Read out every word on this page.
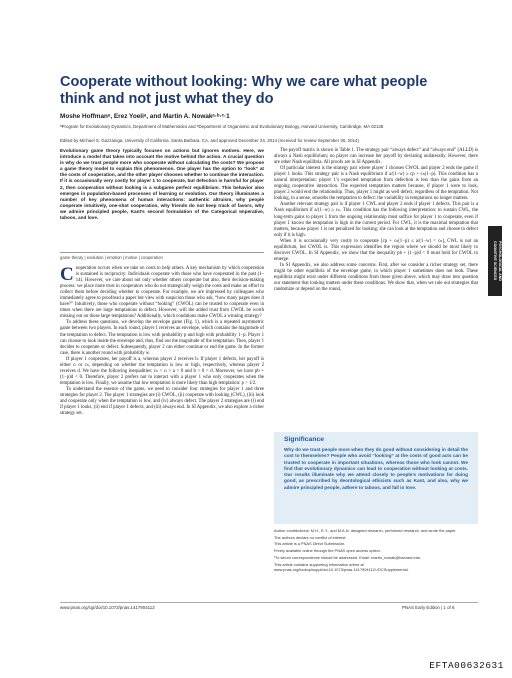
Cooperate without looking: Why we care what people think and not just what they do

Moshe Hoffmanᵃ, Erez Yoeliᵃ, and Martin A. Nowakᵃ·ᵇ·ᶜ·1

ᵃProgram for Evolutionary Dynamics, Department of Mathematics and ᵇDepartment of Organismic and Evolutionary Biology, Harvard University, Cambridge, MA 02138

Edited by Michael S. Gazzaniga, University of California, Santa Barbara, CA, and approved December 24, 2014 (received for review September 30, 2014)

Evolutionary game theory typically focuses on actions but ignores motives. Here, we introduce a model that takes into account the motive behind the action. A crucial question is why do we trust people more who cooperate without calculating the costs? We propose a game theory model to explain this phenomenon. One player has the option to “look” at the costs of cooperation, and the other player chooses whether to continue the interaction. If it is occasionally very costly for player 1 to cooperate, but defection is harmful for player 2, then cooperation without looking is a subgame perfect equilibrium. This behavior also emerges in population-based processes of learning or evolution. Our theory illuminates a number of key phenomena of human interactions: authentic altruism, why people cooperate intuitively, one-shot cooperation, why friends do not keep track of favors, why we admire principled people, Kant’s second formulation of the Categorical Imperative, taboos, and love.

game theory | evolution | emotion | motive | cooperation

Cooperation occurs when we take on costs to help others. A key mechanism by which cooperation is sustained is reciprocity: Individuals cooperate with those who have cooperated in the past (1–14). However, we care about not only whether others cooperate but also, their decision-making process: we place more trust in cooperators who do not strategically weigh the costs and make an effort to collect them before deciding whether to cooperate. For example, we are impressed by colleagues who immediately agree to proofread a paper but view with suspicion those who ask, “how many pages does it have?” Intuitively, those who cooperate without “looking” (CWOL) can be trusted to cooperate even in times when there are large temptations to defect. However, will the added trust from CWOL be worth missing out on those large temptations? Additionally, which conditions make CWOL a winning strategy?

To address these questions, we develop the envelope game (Fig. 1), which is a repeated asymmetric game between two players. In each round, player 1 receives an envelope, which contains the magnitude of the temptation to defect. The temptation is low with probability p and high with probability 1−p. Player 1 can choose to look inside the envelope and, thus, find out the magnitude of the temptation. Then, player 1 decides to cooperate or defect. Subsequently, player 2 can either continue or end the game. In the former case, there is another round with probability w.

If player 1 cooperates, her payoff is a, whereas player 2 receives b. If player 1 defects, her payoff is either cₗ or cₕ, depending on whether the temptation is low or high, respectively, whereas player 2 receives d. We have the following inequalities: cₕ > cₗ > a > 0 and b > 0 > d. Moreover, we have pb + (1−p)d < 0. Therefore, player 2 prefers not to interact with a player 1 who only cooperates when the temptation is low. Finally, we assume that low temptation is more likely than high temptation: p > 1/2.

To understand the essence of the game, we need to consider four strategies for player 1 and three strategies for player 2. The player 1 strategies are (i) CWOL, (ii) cooperate with looking (CWL), (iii) look and cooperate only when the temptation is low, and (iv) always defect. The player 2 strategies are (i) end if player 1 looks, (ii) end if player 1 defects, and (iii) always end. In SI Appendix, we also explore a richer strategy set.

The payoff matrix is shown in Table 1. The strategy pair “always defect” and “always end” (ALLD) is always a Nash equilibrium; no player can increase her payoff by deviating unilaterally. However, there are other Nash equilibria. All proofs are in SI Appendix.

Of particular interest is the strategy pair where player 1 chooses CWOL and player 2 ends the game if player 1 looks. This strategy pair is a Nash equilibrium if a/(1−w) ≥ cp + cₕ(1−p). This condition has a natural interpretation: player 1’s expected temptation from defection is less than the gains from an ongoing cooperative interaction. The expected temptation matters because, if player 1 were to look, player 2 would end the relationship. Thus, player 1 might as well defect, regardless of the temptation. Not looking, in a sense, smooths the temptation to defect: the variability in temptations no longer matters.

Another relevant strategy pair is if player 1 CWL and player 2 ends if player 1 defects. This pair is a Nash equilibrium if a/(1−w) ≥ cₕ. This condition has the following interpretation: to sustain CWL, the long-term gains to player 1 from the ongoing relationship must suffice for player 1 to cooperate, even if player 1 knows the temptation is high in the current period. For CWL, it is the maximal temptation that matters, because player 1 is not penalized for looking; she can look at the temptation and choose to defect only if it is high.

When it is occasionally very costly to cooperate [cp + cₕ(1−p) ≤ a/(1−w) < cₕ], CWL is not an equilibrium, but CWOL is. This expression identifies the region where we should be most likely to discover CWOL. In SI Appendix, we show that the inequality pb + (1−p)d < 0 must hold for CWOL to emerge.

In SI Appendix, we also address some concerns. First, after we consider a richer strategy set, there might be other equilibria of the envelope game, in which player 1 sometimes does not look. These equilibria might exist under different conditions from those given above, which may draw into question our statement that looking matters under these conditions. We show that, when we rule out strategies that randomize or depend on the round,

Significance

Why do we trust people more when they do good without considering in detail the cost to themselves? People who avoid “looking” at the costs of good acts can be trusted to cooperate in important situations, whereas those who look cannot. We find that evolutionary dynamics can lead to cooperation without looking at costs. Our results illuminate why we attend closely to people’s motivations for doing good, as prescribed by deontological ethicists such as Kant, and also, why we admire principled people, adhere to taboos, and fall in love.

Author contributions: M.H., E.Y., and M.A.N. designed research, performed research, and wrote the paper.
The authors declare no conflict of interest.
This article is a PNAS Direct Submission.
Freely available online through the PNAS open access option.
¹To whom correspondence should be addressed. Email: martin_nowak@harvard.edu.
This article contains supporting information online at www.pnas.org/lookup/suppl/doi:10.1073/pnas.1417904112/-/DCSupplemental.
PSYCHOLOGICAL AND
COGNITIVE SCIENCES
www.pnas.org/cgi/doi/10.1073/pnas.1417904112	PNAS Early Edition | 1 of 6
EFTA00632631
